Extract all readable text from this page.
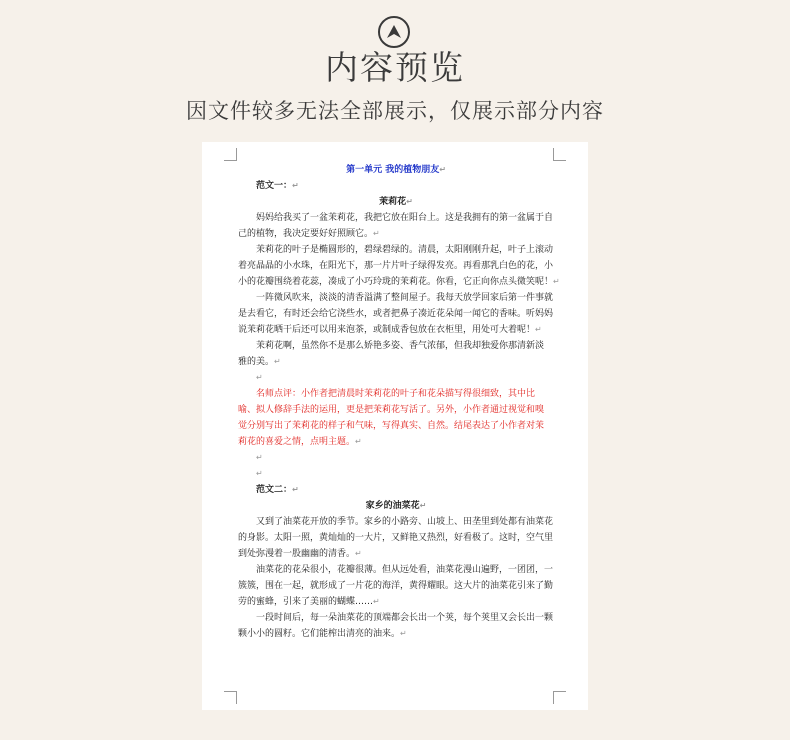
内容预览
因文件较多无法全部展示，仅展示部分内容

第一单元 我的植物朋友↵

范文一：↵

茉莉花↵

妈妈给我买了一盆茉莉花，我把它放在阳台上。这是我拥有的第一盆属于自

己的植物，我决定要好好照顾它。↵

茉莉花的叶子是椭圆形的，碧绿碧绿的。清晨，太阳刚刚升起，叶子上滚动

着亮晶晶的小水珠，在阳光下，那一片片叶子绿得发亮。再看那乳白色的花，小

小的花瓣围绕着花蕊，凑成了小巧玲珑的茉莉花。你看，它正向你点头微笑呢！↵

一阵微风吹来，淡淡的清香溢满了整间屋子。我每天放学回家后第一件事就

是去看它，有时还会给它浇些水，或者把鼻子凑近花朵闻一闻它的香味。听妈妈

说茉莉花晒干后还可以用来泡茶，或制成香包放在衣柜里，用处可大着呢！↵

茉莉花啊，虽然你不是那么娇艳多姿、香气浓郁，但我却独爱你那清新淡

雅的美。↵

↵

名师点评：小作者把清晨时茉莉花的叶子和花朵描写得很细致，其中比

喻、拟人修辞手法的运用，更是把茉莉花写活了。另外，小作者通过视觉和嗅

觉分别写出了茉莉花的样子和气味，写得真实、自然。结尾表达了小作者对茉

莉花的喜爱之情，点明主题。↵

↵

↵

范文二：↵

家乡的油菜花↵

又到了油菜花开放的季节。家乡的小路旁、山坡上、田垄里到处都有油菜花

的身影。太阳一照，黄灿灿的一大片，又鲜艳又热烈，好看极了。这时，空气里

到处弥漫着一股幽幽的清香。↵

油菜花的花朵很小，花瓣很薄。但从远处看，油菜花漫山遍野，一团团，一

簇簇，围在一起，就形成了一片花的海洋，黄得耀眼。这大片的油菜花引来了勤

劳的蜜蜂，引来了美丽的蝴蝶……↵

一段时间后，每一朵油菜花的顶端都会长出一个荚，每个荚里又会长出一颗

颗小小的圆籽。它们能榨出清亮的油来。↵
